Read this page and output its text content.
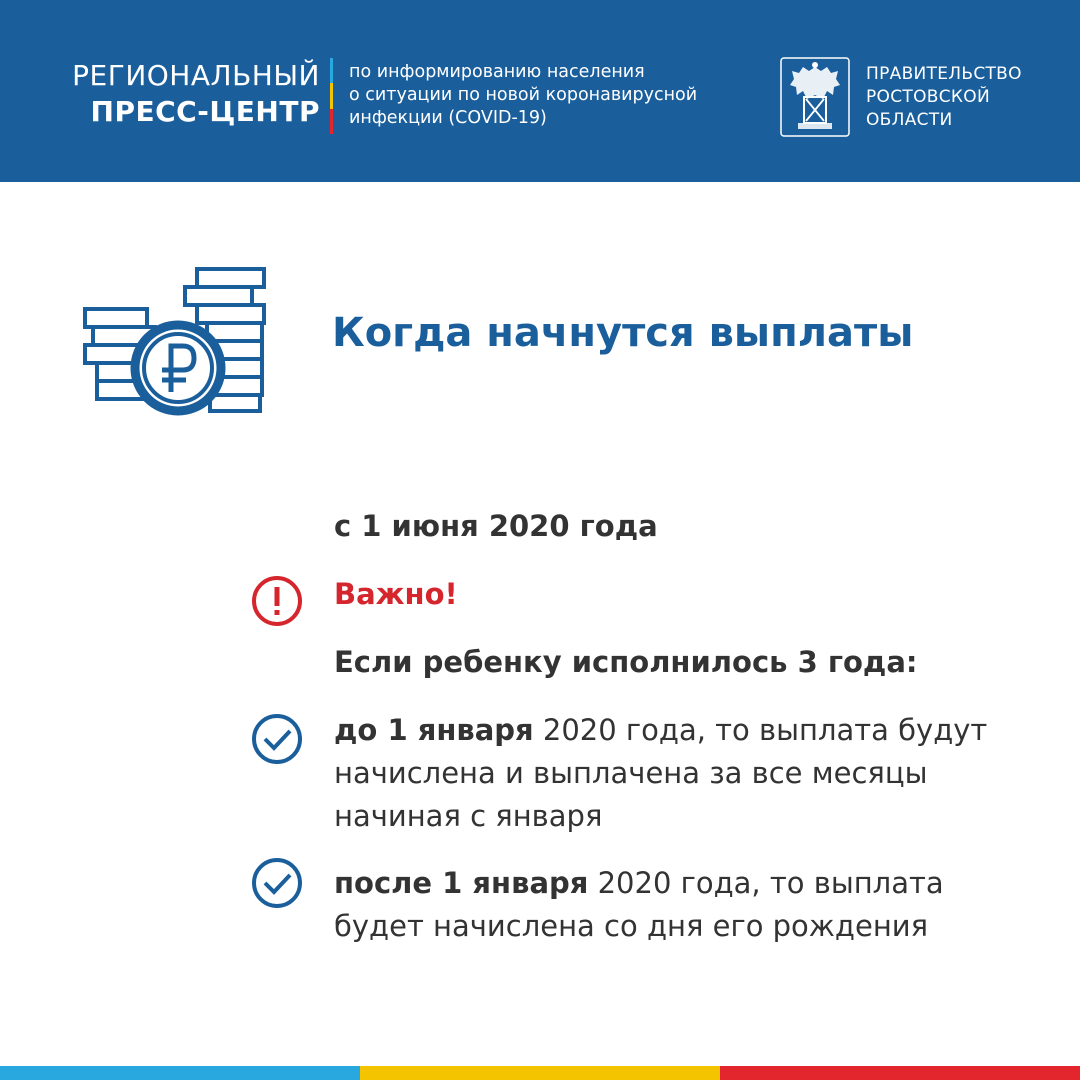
РЕГИОНАЛЬНЫЙ
ПРЕСС-ЦЕНТР
по информированию населения
о ситуации по новой коронавирусной
инфекции (COVID-19)
ПРАВИТЕЛЬСТВО
РОСТОВСКОЙ
ОБЛАСТИ
Когда начнутся выплаты
с 1 июня 2020 года
Важно!
Если ребенку исполнилось 3 года:
до 1 января 2020 года, то выплата будут начислена и выплачена за все месяцы начиная с января
после 1 января 2020 года, то выплата будет начислена со дня его рождения
